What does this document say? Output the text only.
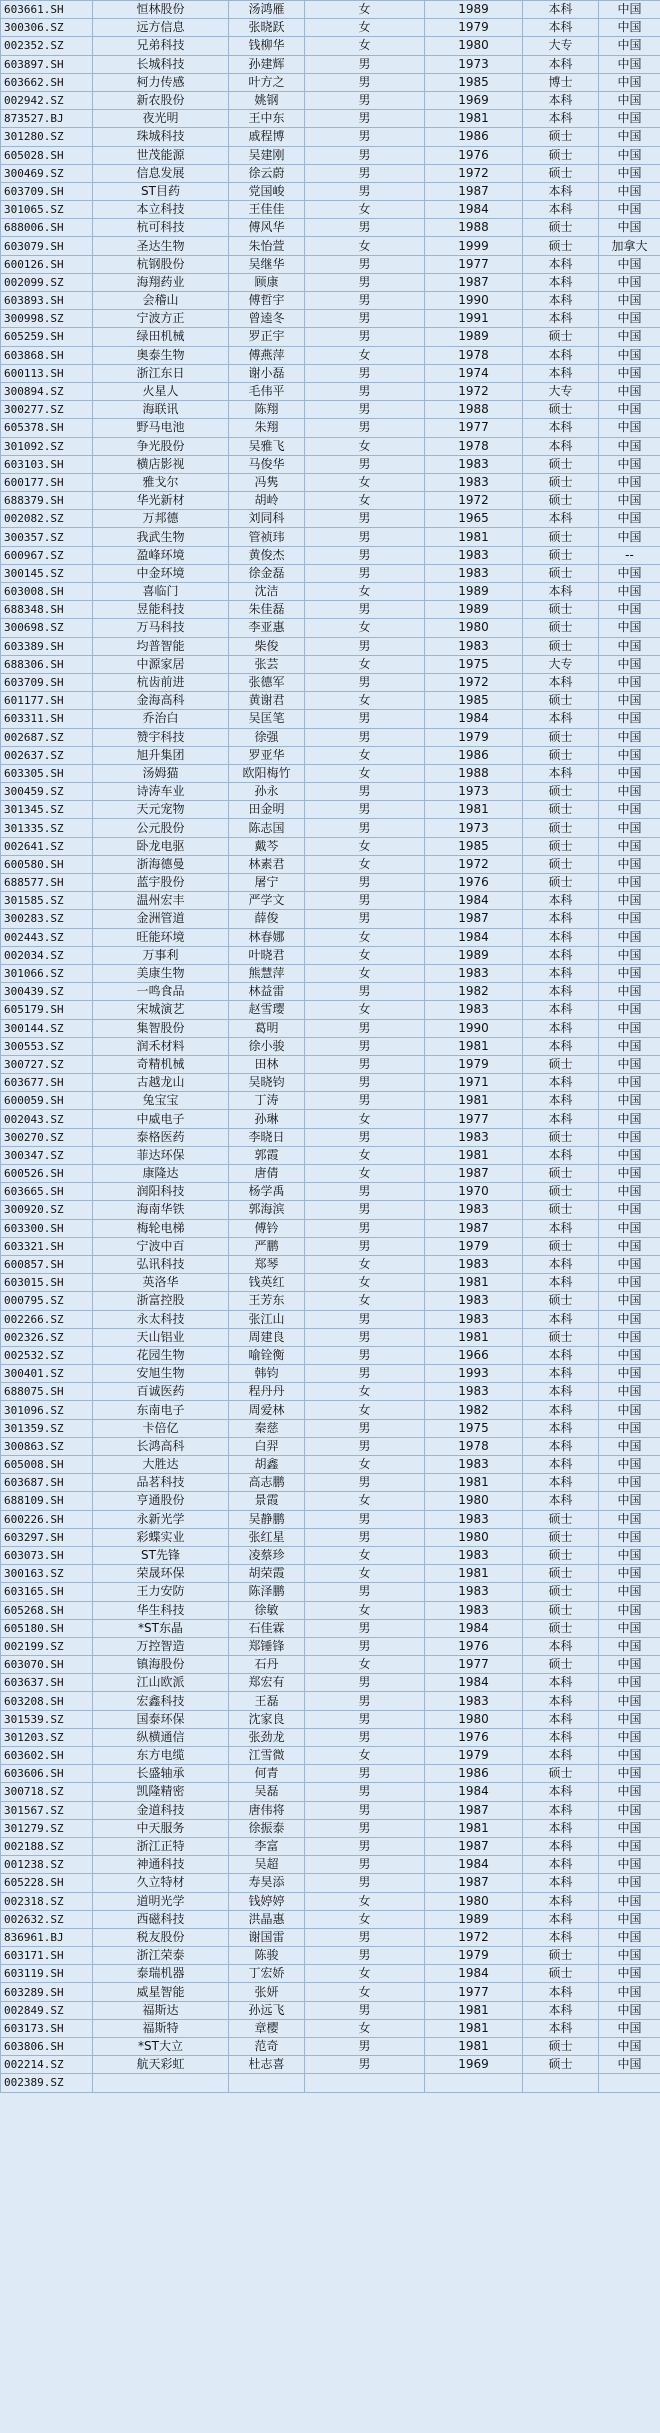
603661.SH	恒林股份	汤鸿雁	女	1989	本科	中国
300306.SZ	远方信息	张晓跃	女	1979	本科	中国
002352.SZ	兄弟科技	钱柳华	女	1980	大专	中国
603897.SH	长城科技	孙建辉	男	1973	本科	中国
603662.SH	柯力传感	叶方之	男	1985	博士	中国
002942.SZ	新农股份	姚钢	男	1969	本科	中国
873527.BJ	夜光明	王中东	男	1981	本科	中国
301280.SZ	珠城科技	戚程博	男	1986	硕士	中国
605028.SH	世茂能源	吴建刚	男	1976	硕士	中国
300469.SZ	信息发展	徐云蔚	男	1972	硕士	中国
603709.SH	ST目药	党国峻	男	1987	本科	中国
301065.SZ	本立科技	王佳佳	女	1984	本科	中国
688006.SH	杭可科技	傅风华	男	1988	硕士	中国
603079.SH	圣达生物	朱怡萱	女	1999	硕士	加拿大
600126.SH	杭钢股份	吴继华	男	1977	本科	中国
002099.SZ	海翔药业	顾康	男	1987	本科	中国
603893.SH	会稽山	傅哲宇	男	1990	本科	中国
300998.SZ	宁波方正	曾逵冬	男	1991	本科	中国
605259.SH	绿田机械	罗正宇	男	1989	硕士	中国
603868.SH	奥泰生物	傅燕萍	女	1978	本科	中国
600113.SH	浙江东日	谢小磊	男	1974	本科	中国
300894.SZ	火星人	毛伟平	男	1972	大专	中国
300277.SZ	海联讯	陈翔	男	1988	硕士	中国
605378.SH	野马电池	朱翔	男	1977	本科	中国
301092.SZ	争光股份	吴雅飞	女	1978	本科	中国
603103.SH	横店影视	马俊华	男	1983	硕士	中国
600177.SH	雅戈尔	冯隽	女	1983	硕士	中国
688379.SH	华光新材	胡岭	女	1972	硕士	中国
002082.SZ	万邦德	刘同科	男	1965	本科	中国
300357.SZ	我武生物	管祯玮	男	1981	硕士	中国
600967.SZ	盈峰环境	黄俊杰	男	1983	硕士	--
300145.SZ	中金环境	徐金磊	男	1983	硕士	中国
603008.SH	喜临门	沈洁	女	1989	本科	中国
688348.SH	昱能科技	朱佳磊	男	1989	硕士	中国
300698.SZ	万马科技	李亚惠	女	1980	硕士	中国
603389.SH	均普智能	柴俊	男	1983	硕士	中国
688306.SH	中源家居	张芸	女	1975	大专	中国
603709.SH	杭齿前进	张德军	男	1972	本科	中国
601177.SH	金海高科	黄谢君	女	1985	硕士	中国
603311.SH	乔治白	吴匡笔	男	1984	本科	中国
002687.SZ	赞宇科技	徐强	男	1979	硕士	中国
002637.SZ	旭升集团	罗亚华	女	1986	硕士	中国
603305.SH	汤姆猫	欧阳梅竹	女	1988	本科	中国
300459.SZ	诗涛车业	孙永	男	1973	硕士	中国
301345.SZ	天元宠物	田金明	男	1981	硕士	中国
301335.SZ	公元股份	陈志国	男	1973	硕士	中国
002641.SZ	卧龙电驱	戴芩	女	1985	硕士	中国
600580.SH	浙海德曼	林素君	女	1972	硕士	中国
688577.SH	蓝宇股份	屠宁	男	1976	硕士	中国
301585.SZ	温州宏丰	严学文	男	1984	本科	中国
300283.SZ	金洲管道	薛俊	男	1987	本科	中国
002443.SZ	旺能环境	林春娜	女	1984	本科	中国
002034.SZ	万事利	叶晓君	女	1989	本科	中国
301066.SZ	美康生物	熊慧萍	女	1983	本科	中国
300439.SZ	一鸣食品	林益雷	男	1982	本科	中国
605179.SH	宋城演艺	赵雪璎	女	1983	本科	中国
300144.SZ	集智股份	葛明	男	1990	本科	中国
300553.SZ	润禾材料	徐小骏	男	1981	本科	中国
300727.SZ	奇精机械	田林	男	1979	硕士	中国
603677.SH	古越龙山	吴晓钧	男	1971	本科	中国
600059.SH	兔宝宝	丁涛	男	1981	本科	中国
002043.SZ	中威电子	孙琳	女	1977	本科	中国
300270.SZ	泰格医药	李晓日	男	1983	硕士	中国
300347.SZ	菲达环保	郭霞	女	1981	本科	中国
600526.SH	康隆达	唐倩	女	1987	硕士	中国
603665.SH	润阳科技	杨学禹	男	1970	硕士	中国
300920.SZ	海南华铁	郭海滨	男	1983	硕士	中国
603300.SH	梅轮电梯	傅钤	男	1987	本科	中国
603321.SH	宁波中百	严鹏	男	1979	硕士	中国
600857.SH	弘讯科技	郑琴	女	1983	本科	中国
603015.SH	英洛华	钱英红	女	1981	本科	中国
000795.SZ	浙富控股	王芳东	女	1983	硕士	中国
002266.SZ	永太科技	张江山	男	1983	本科	中国
002326.SZ	天山铝业	周建良	男	1981	硕士	中国
002532.SZ	花园生物	喻铨衡	男	1966	本科	中国
300401.SZ	安旭生物	韩钧	男	1993	本科	中国
688075.SH	百诚医药	程丹丹	女	1983	本科	中国
301096.SZ	东南电子	周爱林	女	1982	本科	中国
301359.SZ	卡倍亿	秦慈	男	1975	本科	中国
300863.SZ	长鸿高科	白羿	男	1978	本科	中国
605008.SH	大胜达	胡鑫	女	1983	本科	中国
603687.SH	品茗科技	高志鹏	男	1981	本科	中国
688109.SH	亨通股份	景霞	女	1980	本科	中国
600226.SH	永新光学	吴静鹏	男	1983	硕士	中国
603297.SH	彩蝶实业	张红星	男	1980	硕士	中国
603073.SH	ST先锋	凌蔡珍	女	1983	硕士	中国
300163.SZ	荣晟环保	胡荣霞	女	1981	硕士	中国
603165.SH	王力安防	陈泽鹏	男	1983	硕士	中国
605268.SH	华生科技	徐敏	女	1983	硕士	中国
605180.SH	*ST东晶	石佳霖	男	1984	硕士	中国
002199.SZ	万控智造	郑锤锋	男	1976	本科	中国
603070.SH	镇海股份	石丹	女	1977	硕士	中国
603637.SH	江山欧派	郑宏有	男	1984	本科	中国
603208.SH	宏鑫科技	王磊	男	1983	本科	中国
301539.SZ	国泰环保	沈家良	男	1980	本科	中国
301203.SZ	纵横通信	张劲龙	男	1976	本科	中国
603602.SH	东方电缆	江雪微	女	1979	本科	中国
603606.SH	长盛轴承	何青	男	1986	硕士	中国
300718.SZ	凯隆精密	吴磊	男	1984	本科	中国
301567.SZ	金道科技	唐伟将	男	1987	本科	中国
301279.SZ	中天服务	徐振泰	男	1981	本科	中国
002188.SZ	浙江正特	李富	男	1987	本科	中国
001238.SZ	神通科技	吴超	男	1984	本科	中国
605228.SH	久立特材	寿昊添	男	1987	本科	中国
002318.SZ	道明光学	钱婷婷	女	1980	本科	中国
002632.SZ	西磁科技	洪晶惠	女	1989	本科	中国
836961.BJ	税友股份	谢国雷	男	1972	本科	中国
603171.SH	浙江荣泰	陈骏	男	1979	硕士	中国
603119.SH	泰瑞机器	丁宏娇	女	1984	硕士	中国
603289.SH	威星智能	张妍	女	1977	本科	中国
002849.SZ	福斯达	孙远飞	男	1981	本科	中国
603173.SH	福斯特	章樱	女	1981	本科	中国
603806.SH	*ST大立	范奇	男	1981	硕士	中国
002214.SZ	航天彩虹	杜志喜	男	1969	硕士	中国
002389.SZ						
